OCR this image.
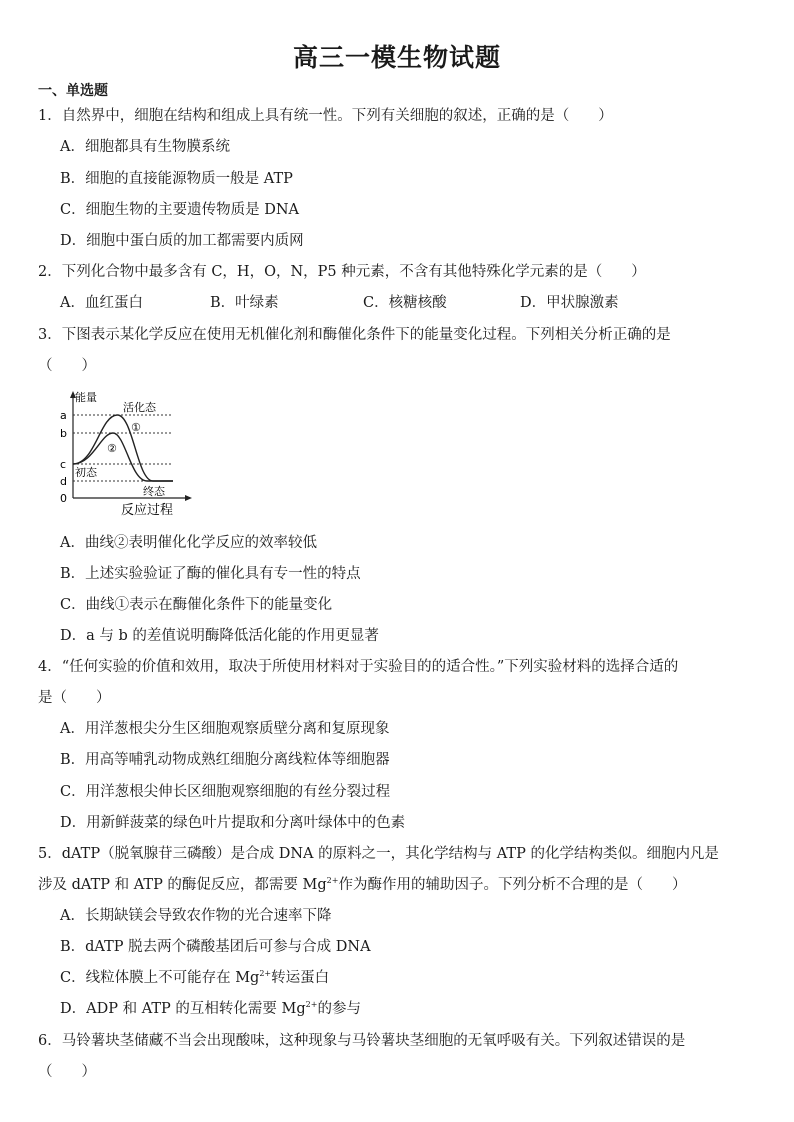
高三一模生物试题
一、单选题
1．自然界中，细胞在结构和组成上具有统一性。下列有关细胞的叙述，正确的是（　　）
A．细胞都具有生物膜系统
B．细胞的直接能源物质一般是 ATP
C．细胞生物的主要遗传物质是 DNA
D．细胞中蛋白质的加工都需要内质网
2．下列化合物中最多含有 C，H，O，N，P5 种元素，不含有其他特殊化学元素的是（　　）
A．血红蛋白	B．叶绿素	C．核糖核酸	D．甲状腺激素
3．下图表示某化学反应在使用无机催化剂和酶催化条件下的能量变化过程。下列相关分析正确的是
（　　）
能量
a
b
c
d
0
活化态
①
②
初态
终态
反应过程
A．曲线②表明催化化学反应的效率较低
B．上述实验验证了酶的催化具有专一性的特点
C．曲线①表示在酶催化条件下的能量变化
D．a 与 b 的差值说明酶降低活化能的作用更显著
4．“任何实验的价值和效用，取决于所使用材料对于实验目的的适合性。”下列实验材料的选择合适的
是（　　）
A．用洋葱根尖分生区细胞观察质壁分离和复原现象
B．用高等哺乳动物成熟红细胞分离线粒体等细胞器
C．用洋葱根尖伸长区细胞观察细胞的有丝分裂过程
D．用新鲜菠菜的绿色叶片提取和分离叶绿体中的色素
5．dATP（脱氧腺苷三磷酸）是合成 DNA 的原料之一，其化学结构与 ATP 的化学结构类似。细胞内凡是
涉及 dATP 和 ATP 的酶促反应，都需要 $Mg^{2+}$作为酶作用的辅助因子。下列分析不合理的是（　　）
A．长期缺镁会导致农作物的光合速率下降
B．dATP 脱去两个磷酸基团后可参与合成 DNA
C．线粒体膜上不可能存在 $Mg^{2+}$转运蛋白
D．ADP 和 ATP 的互相转化需要 $Mg^{2+}$的参与
6．马铃薯块茎储藏不当会出现酸味，这种现象与马铃薯块茎细胞的无氧呼吸有关。下列叙述错误的是
（　　）
